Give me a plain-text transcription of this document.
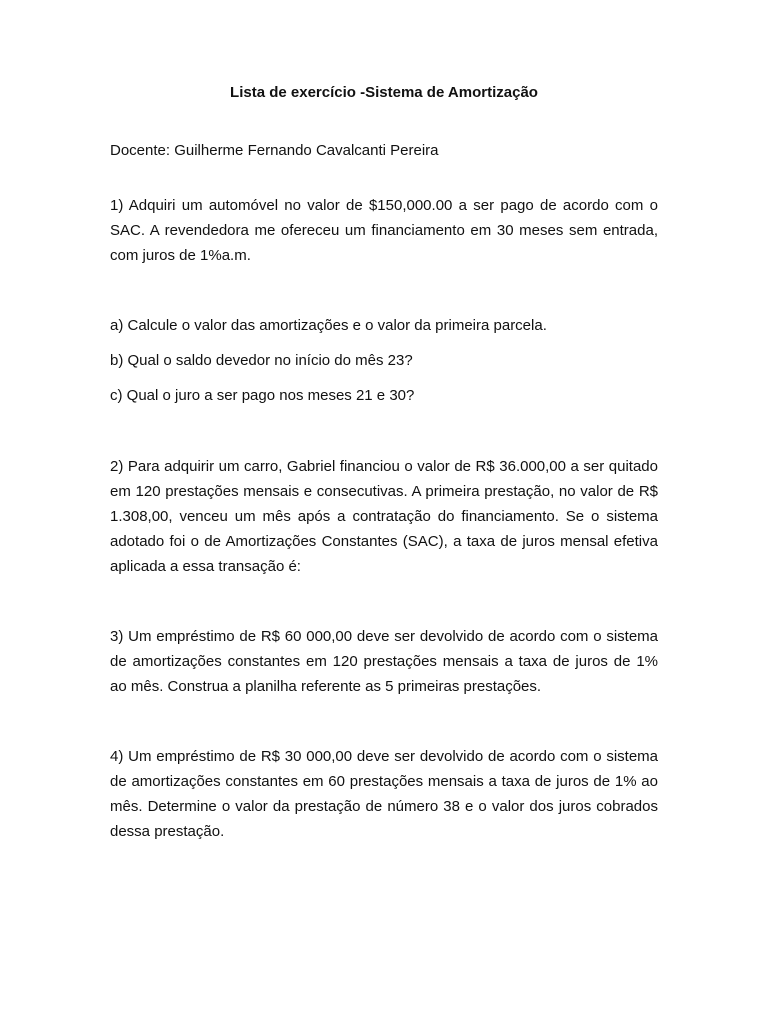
Lista de exercício -Sistema de Amortização

Docente: Guilherme Fernando Cavalcanti Pereira

1) Adquiri um automóvel no valor de $150,000.00 a ser pago de acordo com o SAC. A revendedora me ofereceu um financiamento em 30 meses sem entrada, com juros de 1%a.m.

a) Calcule o valor das amortizações e o valor da primeira parcela.

b) Qual o saldo devedor no início do mês 23?

c) Qual o juro a ser pago nos meses 21 e 30?

2) Para adquirir um carro, Gabriel financiou o valor de R$ 36.000,00 a ser quitado em 120 prestações mensais e consecutivas. A primeira prestação, no valor de R$ 1.308,00, venceu um mês após a contratação do financiamento. Se o sistema adotado foi o de Amortizações Constantes (SAC), a taxa de juros mensal efetiva aplicada a essa transação é:

3) Um empréstimo de R$ 60 000,00 deve ser devolvido de acordo com o sistema de amortizações constantes em 120 prestações mensais a taxa de juros de 1% ao mês. Construa a planilha referente as 5 primeiras prestações.

4) Um empréstimo de R$ 30 000,00 deve ser devolvido de acordo com o sistema de amortizações constantes em 60 prestações mensais a taxa de juros de 1% ao mês. Determine o valor da prestação de número 38 e o valor dos juros cobrados dessa prestação.
